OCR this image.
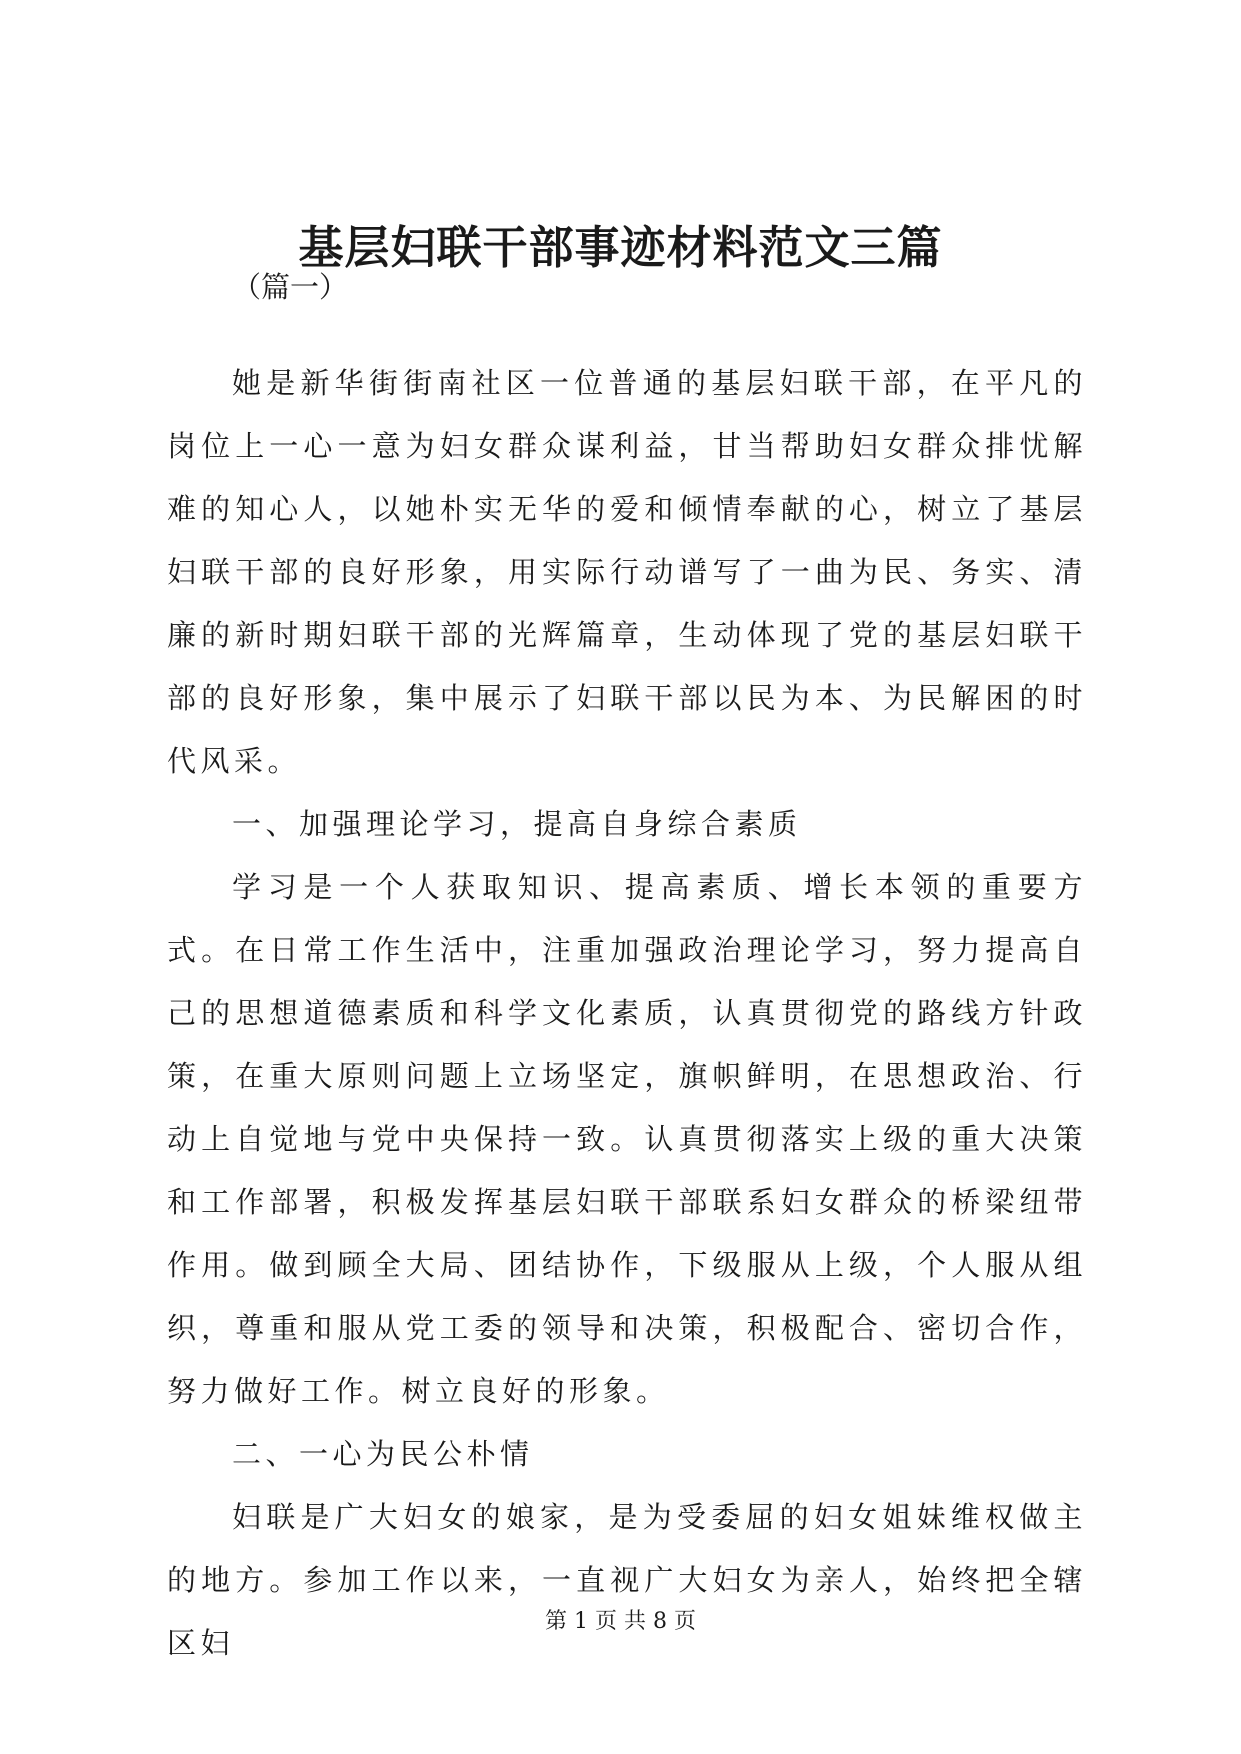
基层妇联干部事迹材料范文三篇
（篇一）

她是新华街街南社区一位普通的基层妇联干部，在平凡的岗位上一心一意为妇女群众谋利益，甘当帮助妇女群众排忧解难的知心人，以她朴实无华的爱和倾情奉献的心，树立了基层妇联干部的良好形象，用实际行动谱写了一曲为民、务实、清廉的新时期妇联干部的光辉篇章，生动体现了党的基层妇联干部的良好形象，集中展示了妇联干部以民为本、为民解困的时代风采。

一、加强理论学习，提高自身综合素质

学习是一个人获取知识、提高素质、增长本领的重要方式。在日常工作生活中，注重加强政治理论学习，努力提高自己的思想道德素质和科学文化素质，认真贯彻党的路线方针政策，在重大原则问题上立场坚定，旗帜鲜明，在思想政治、行动上自觉地与党中央保持一致。认真贯彻落实上级的重大决策和工作部署，积极发挥基层妇联干部联系妇女群众的桥梁纽带作用。做到顾全大局、团结协作，下级服从上级，个人服从组织，尊重和服从党工委的领导和决策，积极配合、密切合作，努力做好工作。树立良好的形象。

二、一心为民公朴情

妇联是广大妇女的娘家，是为受委屈的妇女姐妹维权做主的地方。参加工作以来，一直视广大妇女为亲人，始终把全辖区妇

第 1 页 共 8 页
